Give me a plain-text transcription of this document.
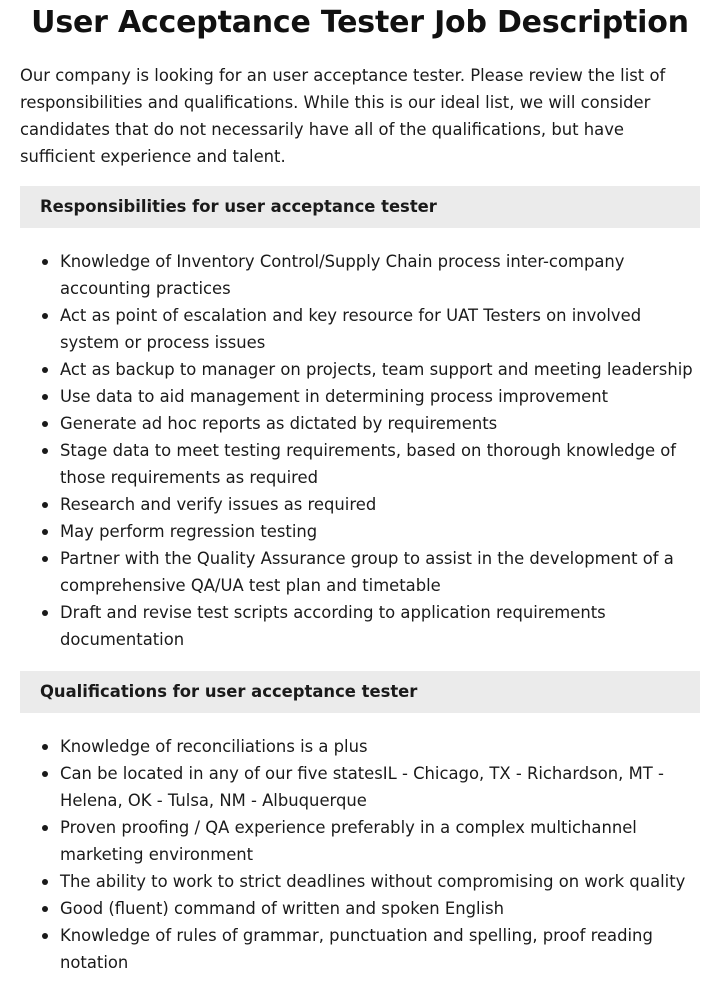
User Acceptance Tester Job Description

Our company is looking for an user acceptance tester. Please review the list of responsibilities and qualifications. While this is our ideal list, we will consider candidates that do not necessarily have all of the qualifications, but have sufficient experience and talent.

Responsibilities for user acceptance tester
Knowledge of Inventory Control/Supply Chain process inter-company accounting practices
Act as point of escalation and key resource for UAT Testers on involved system or process issues
Act as backup to manager on projects, team support and meeting leadership
Use data to aid management in determining process improvement
Generate ad hoc reports as dictated by requirements
Stage data to meet testing requirements, based on thorough knowledge of those requirements as required
Research and verify issues as required
May perform regression testing
Partner with the Quality Assurance group to assist in the development of a comprehensive QA/UA test plan and timetable
Draft and revise test scripts according to application requirements documentation
Qualifications for user acceptance tester
Knowledge of reconciliations is a plus
Can be located in any of our five statesIL - Chicago, TX - Richardson, MT - Helena, OK - Tulsa, NM - Albuquerque
Proven proofing / QA experience preferably in a complex multichannel marketing environment
The ability to work to strict deadlines without compromising on work quality
Good (fluent) command of written and spoken English
Knowledge of rules of grammar, punctuation and spelling, proof reading notation
